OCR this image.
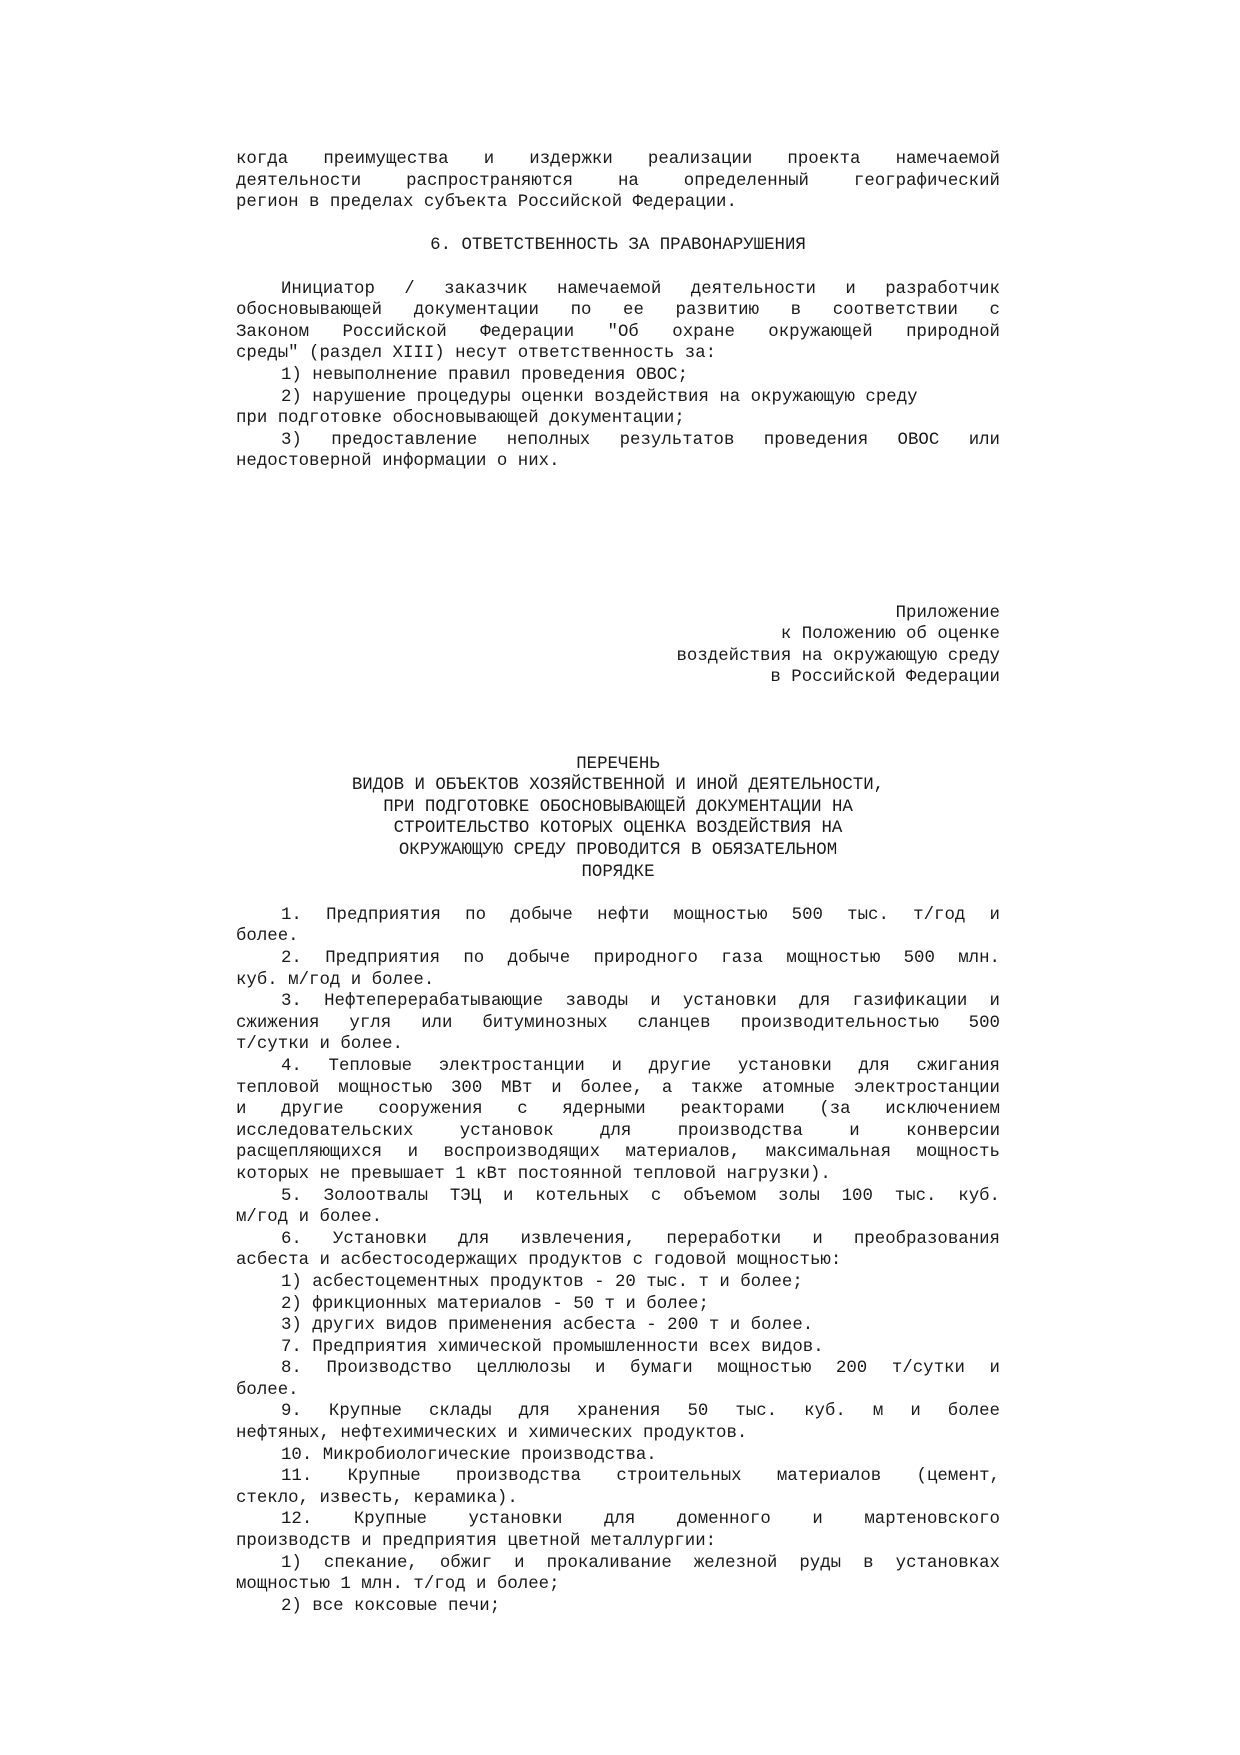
когда преимущества и издержки реализации проекта намечаемой
деятельности распространяются на определенный географический
регион в пределах субъекта Российской Федерации.
6. ОТВЕТСТВЕННОСТЬ ЗА ПРАВОНАРУШЕНИЯ
Инициатор / заказчик намечаемой деятельности и разработчик
обосновывающей документации по ее развитию в соответствии с
Законом Российской Федерации "Об охране окружающей природной
среды" (раздел XIII) несут ответственность за:
1) невыполнение правил проведения ОВОС;
2) нарушение процедуры оценки воздействия на окружающую среду
при подготовке обосновывающей документации;
3) предоставление неполных результатов проведения ОВОС или
недостоверной информации о них.
Приложение
к Положению об оценке
воздействия на окружающую среду
в Российской Федерации
ПЕРЕЧЕНЬ
ВИДОВ И ОБЪЕКТОВ ХОЗЯЙСТВЕННОЙ И ИНОЙ ДЕЯТЕЛЬНОСТИ,
ПРИ ПОДГОТОВКЕ ОБОСНОВЫВАЮЩЕЙ ДОКУМЕНТАЦИИ НА
СТРОИТЕЛЬСТВО КОТОРЫХ ОЦЕНКА ВОЗДЕЙСТВИЯ НА
ОКРУЖАЮЩУЮ СРЕДУ ПРОВОДИТСЯ В ОБЯЗАТЕЛЬНОМ
ПОРЯДКЕ
1. Предприятия по добыче нефти мощностью 500 тыс. т/год и
более.
2. Предприятия по добыче природного газа мощностью 500 млн.
куб. м/год и более.
3. Нефтеперерабатывающие заводы и установки для газификации и
сжижения угля или битуминозных сланцев производительностью 500
т/сутки и более.
4. Тепловые электростанции и другие установки для сжигания
тепловой мощностью 300 МВт и более, а также атомные электростанции
и другие сооружения с ядерными реакторами (за исключением
исследовательских установок для производства и конверсии
расщепляющихся и воспроизводящих материалов, максимальная мощность
которых не превышает 1 кВт постоянной тепловой нагрузки).
5. Золоотвалы ТЭЦ и котельных с объемом золы 100 тыс. куб.
м/год и более.
6. Установки для извлечения, переработки и преобразования
асбеста и асбестосодержащих продуктов с годовой мощностью:
1) асбестоцементных продуктов - 20 тыс. т и более;
2) фрикционных материалов - 50 т и более;
3) других видов применения асбеста - 200 т и более.
7. Предприятия химической промышленности всех видов.
8. Производство целлюлозы и бумаги мощностью 200 т/сутки и
более.
9. Крупные склады для хранения 50 тыс. куб. м и более
нефтяных, нефтехимических и химических продуктов.
10. Микробиологические производства.
11. Крупные производства строительных материалов (цемент,
стекло, известь, керамика).
12. Крупные установки для доменного и мартеновского
производств и предприятия цветной металлургии:
1) спекание, обжиг и прокаливание железной руды в установках
мощностью 1 млн. т/год и более;
2) все коксовые печи;
